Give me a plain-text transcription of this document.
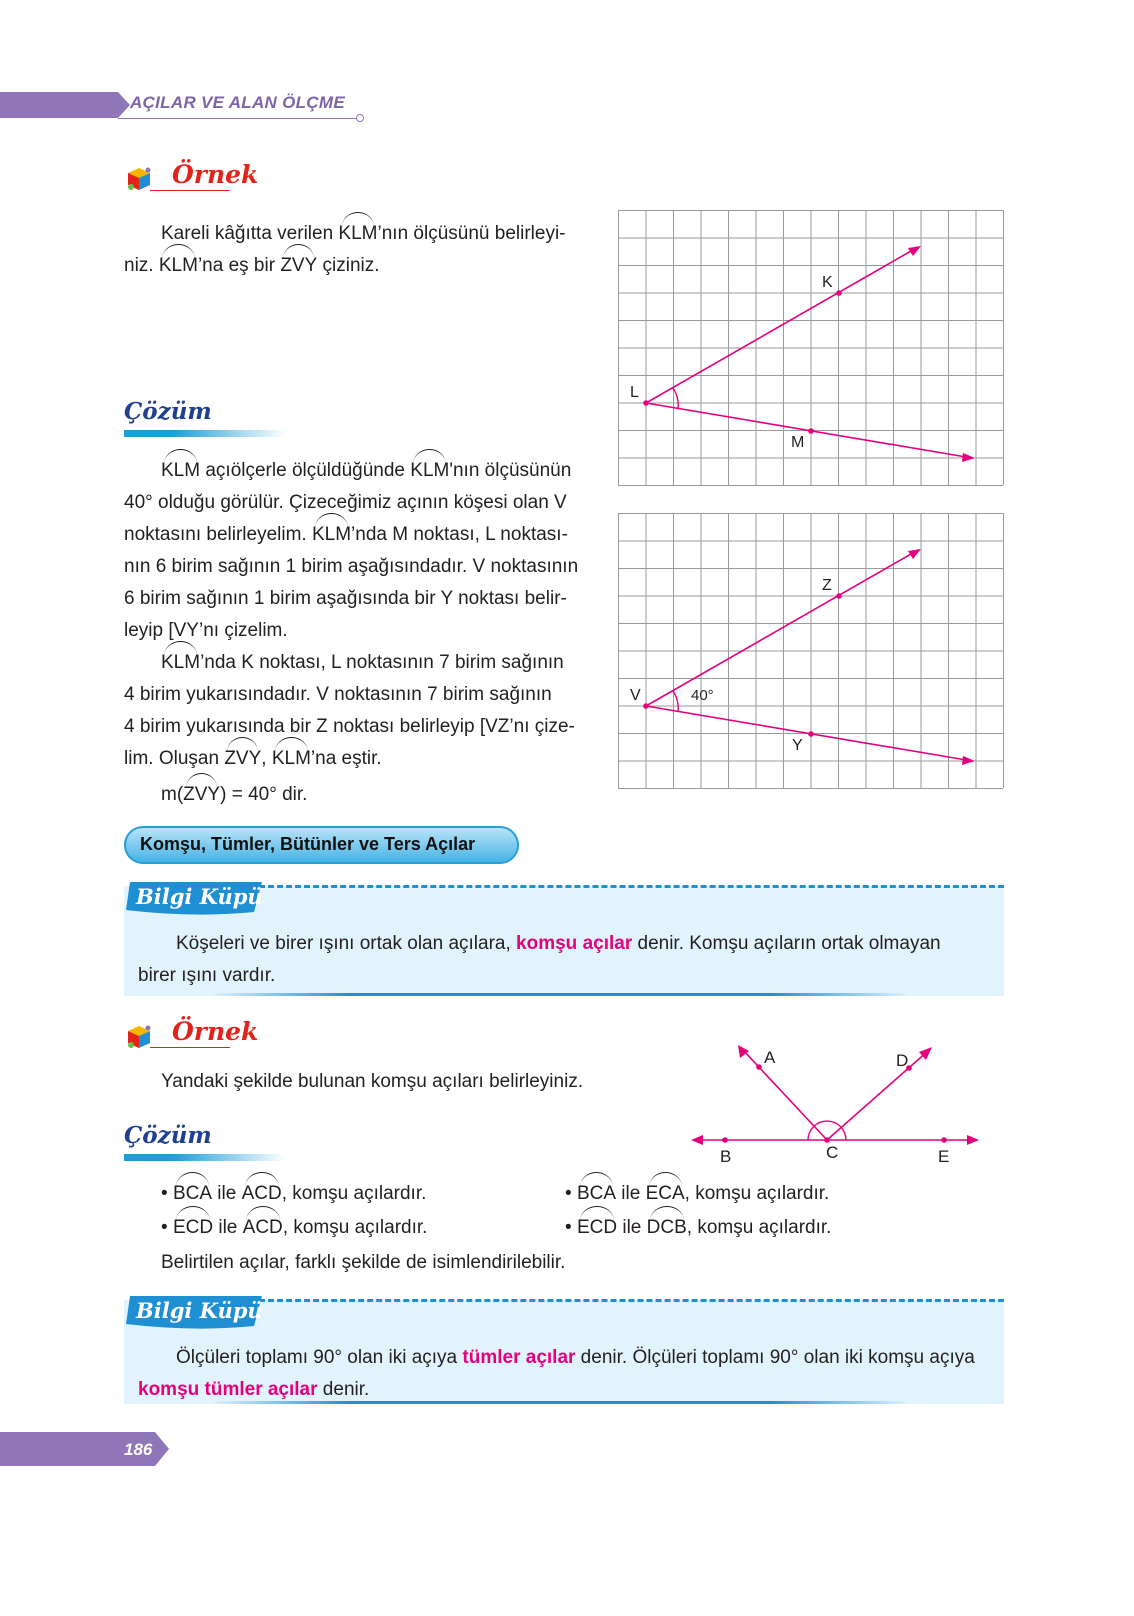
AÇILAR VE ALAN ÖLÇME
Örnek
Kareli kâğıtta verilen KLM’nın ölçüsünü belirleyi-
niz. KLM’na eş bir ZVY çiziniz.
Çözüm
KLM açıölçerle ölçüldüğünde KLM'nın ölçüsünün
40° olduğu görülür. Çizeceğimiz açının köşesi olan V
noktasını belirleyelim. KLM’nda M noktası, L noktası-
nın 6 birim sağının 1 birim aşağısındadır. V noktasının
6 birim sağının 1 birim aşağısında bir Y noktası belir-
leyip [VY’nı çizelim.
KLM’nda K noktası, L noktasının 7 birim sağının
4 birim yukarısındadır. V noktasının 7 birim sağının
4 birim yukarısında bir Z noktası belirleyip [VZ’nı çize-
lim. Oluşan ZVY, KLM’na eştir.
m(ZVY) = 40° dir.
K
L
M
Z
V
Y
40°
Komşu, Tümler, Bütünler ve Ters Açılar
Bilgi Küpü
Köşeleri ve birer ışını ortak olan açılara, komşu açılar denir. Komşu açıların ortak olmayan
birer ışını vardır.
Örnek
Yandaki şekilde bulunan komşu açıları belirleyiniz.
A	D
B	C	E
Çözüm
• BCA ile ACD, komşu açılardır.	• BCA ile ECA, komşu açılardır.
• ECD ile ACD, komşu açılardır.	• ECD ile DCB, komşu açılardır.
Belirtilen açılar, farklı şekilde de isimlendirilebilir.
Bilgi Küpü
Ölçüleri toplamı 90° olan iki açıya tümler açılar denir. Ölçüleri toplamı 90° olan iki komşu açıya
komşu tümler açılar denir.
186
